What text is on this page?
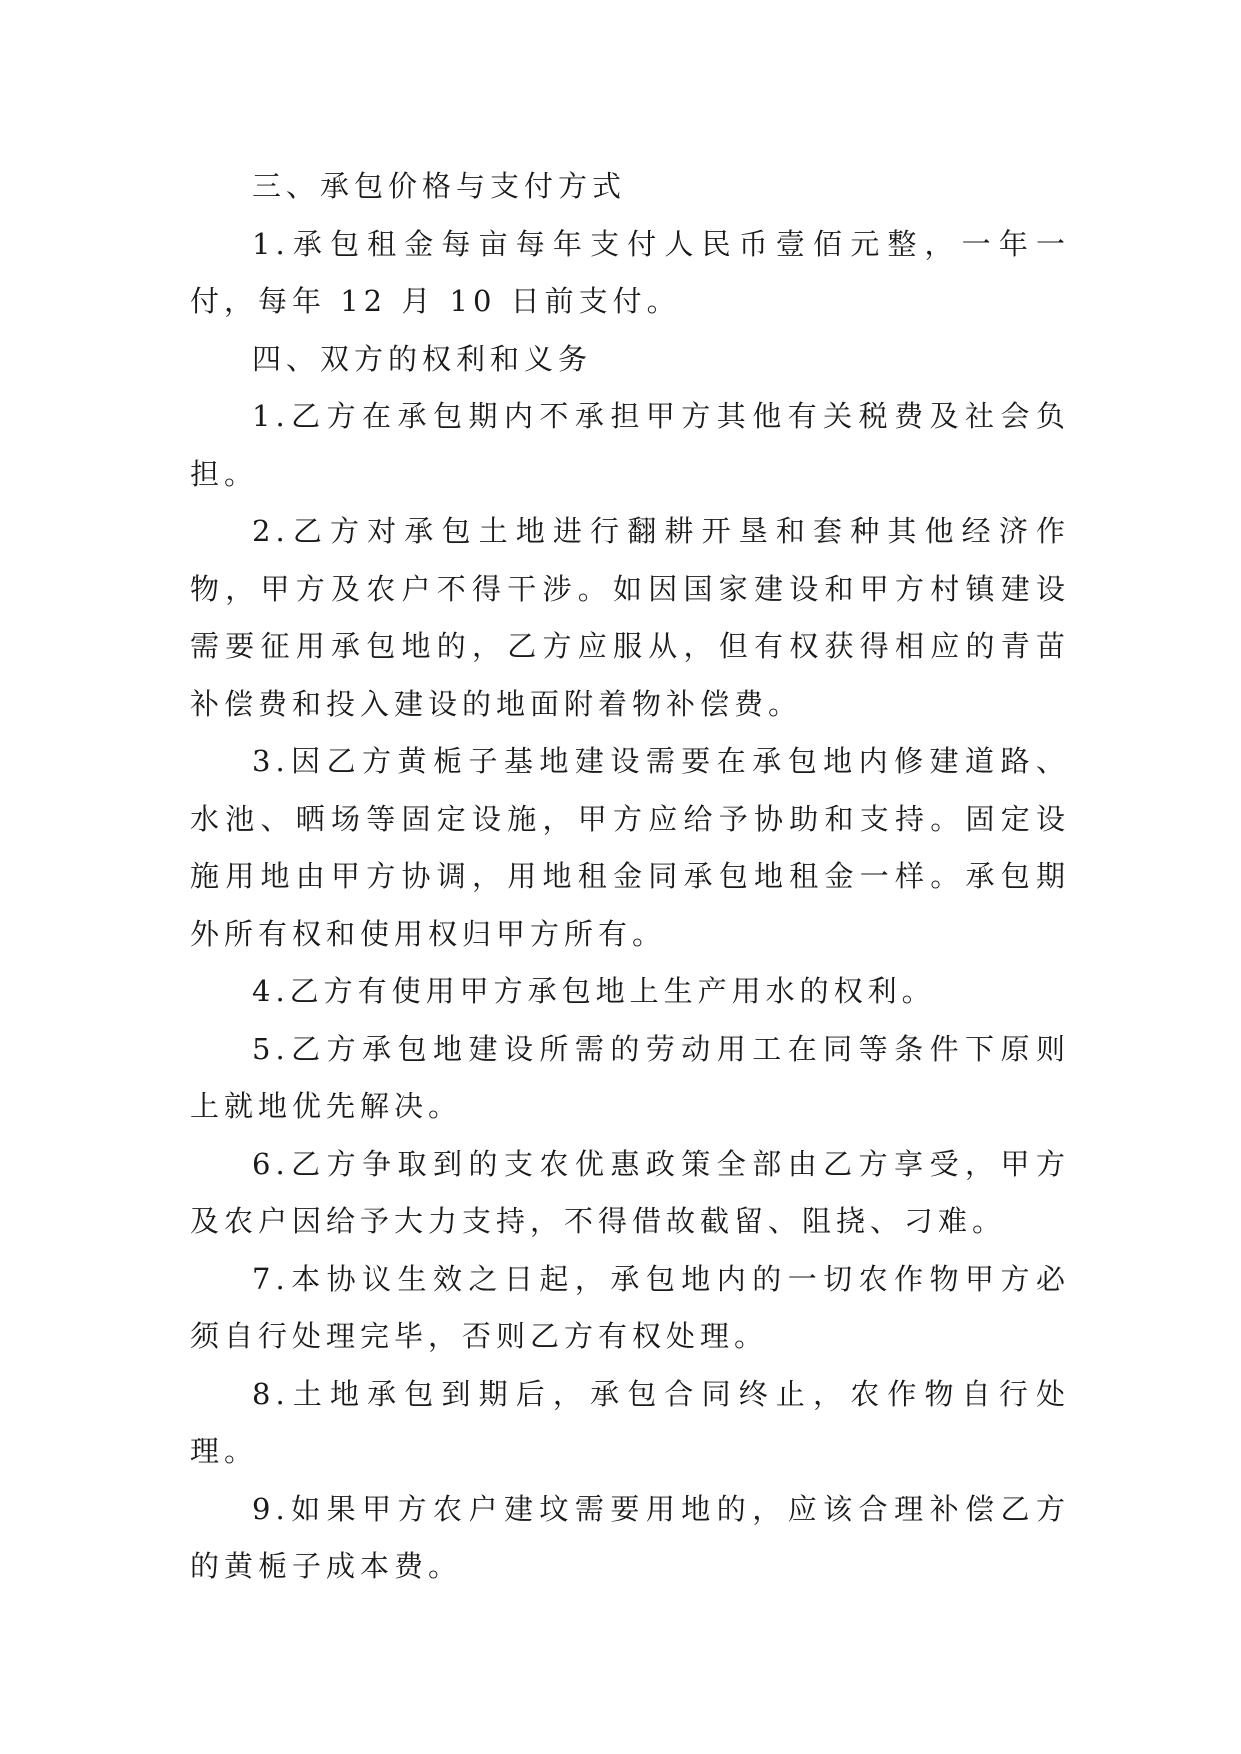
三、承包价格与支付方式

1.承包租金每亩每年支付人民币壹佰元整，一年一付，每年 12 月 10 日前支付。

四、双方的权利和义务

1.乙方在承包期内不承担甲方其他有关税费及社会负担。

2.乙方对承包土地进行翻耕开垦和套种其他经济作物，甲方及农户不得干涉。如因国家建设和甲方村镇建设需要征用承包地的，乙方应服从，但有权获得相应的青苗补偿费和投入建设的地面附着物补偿费。

3.因乙方黄栀子基地建设需要在承包地内修建道路、水池、晒场等固定设施，甲方应给予协助和支持。固定设施用地由甲方协调，用地租金同承包地租金一样。承包期外所有权和使用权归甲方所有。

4.乙方有使用甲方承包地上生产用水的权利。

5.乙方承包地建设所需的劳动用工在同等条件下原则上就地优先解决。

6.乙方争取到的支农优惠政策全部由乙方享受，甲方及农户因给予大力支持，不得借故截留、阻挠、刁难。

7.本协议生效之日起，承包地内的一切农作物甲方必须自行处理完毕，否则乙方有权处理。

8.土地承包到期后，承包合同终止，农作物自行处理。

9.如果甲方农户建坟需要用地的，应该合理补偿乙方的黄栀子成本费。
